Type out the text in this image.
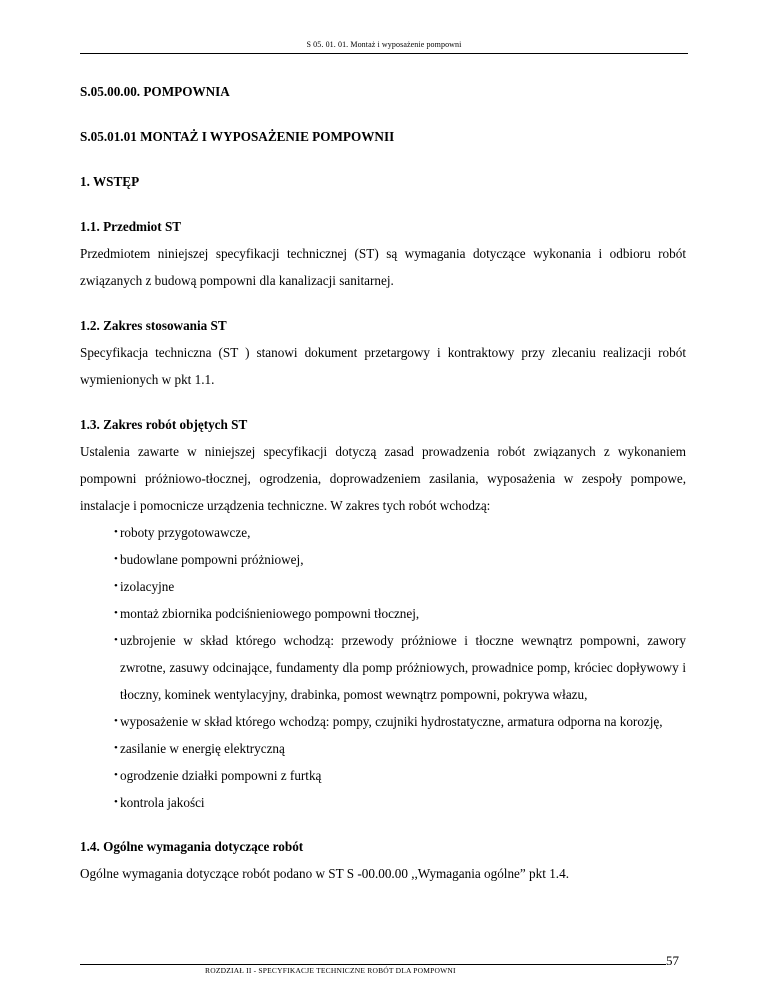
S 05. 01. 01. Montaż i wyposażenie pompowni

S.05.00.00. POMPOWNIA

S.05.01.01 MONTAŻ I WYPOSAŻENIE POMPOWNII

1. WSTĘP

1.1. Przedmiot ST

Przedmiotem niniejszej specyfikacji technicznej (ST) są wymagania dotyczące wykonania i odbioru robót związanych z budową pompowni dla kanalizacji sanitarnej.

1.2. Zakres stosowania ST

Specyfikacja techniczna (ST ) stanowi dokument przetargowy i kontraktowy przy zlecaniu realizacji robót wymienionych w pkt 1.1.

1.3. Zakres robót objętych ST

Ustalenia zawarte w niniejszej specyfikacji dotyczą zasad prowadzenia robót związanych z wykonaniem pompowni próżniowo-tłocznej, ogrodzenia, doprowadzeniem zasilania, wyposażenia w zespoły pompowe, instalacje i pomocnicze urządzenia techniczne. W zakres tych robót wchodzą:

• roboty przygotowawcze,
• budowlane pompowni próżniowej,
• izolacyjne
• montaż zbiornika podciśnieniowego pompowni tłocznej,
• uzbrojenie w skład którego wchodzą: przewody próżniowe i tłoczne wewnątrz pompowni, zawory zwrotne, zasuwy odcinające, fundamenty dla pomp próżniowych, prowadnice pomp, króciec dopływowy i tłoczny, kominek wentylacyjny, drabinka, pomost wewnątrz pompowni, pokrywa włazu,
• wyposażenie w skład którego wchodzą: pompy, czujniki hydrostatyczne, armatura odporna na korozję,
• zasilanie w energię elektryczną
• ogrodzenie działki pompowni z furtką
• kontrola jakości

1.4. Ogólne wymagania dotyczące robót

Ogólne wymagania dotyczące robót podano w ST S -00.00.00 ,,Wymagania ogólne” pkt 1.4.

ROZDZIAŁ II - SPECYFIKACJE TECHNICZNE ROBÓT DLA POMPOWNI
57
